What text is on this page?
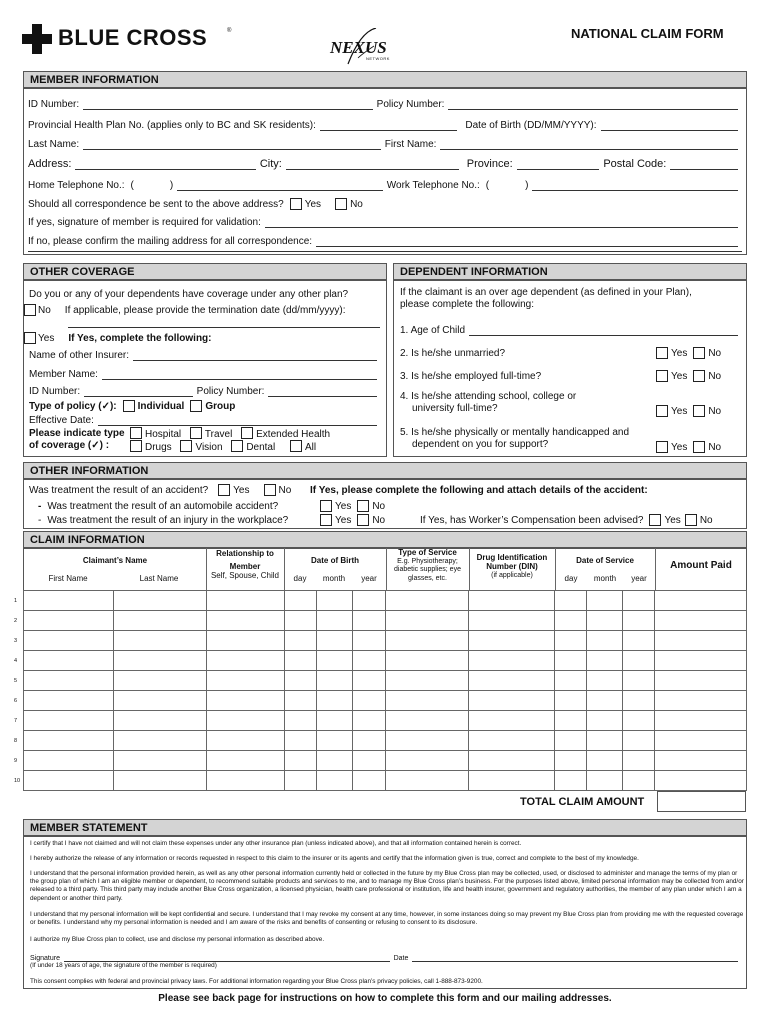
BLUE CROSS	®
NEXUS
NETWORK
NATIONAL CLAIM FORM
MEMBER INFORMATION
ID Number:	Policy Number:
Provincial Health Plan No. (applies only to BC and SK residents):	Date of Birth (DD/MM/YYYY):
Last Name:	First Name:
Address:	City:	Province:	Postal Code:
Home Telephone No.: (	)	Work Telephone No.: (	)
Should all correspondence be sent to the above address? Yes	No
If yes, signature of member is required for validation:
If no, please confirm the mailing address for all correspondence:
OTHER COVERAGE
Do you or any of your dependents have coverage under any other plan?
No If applicable, please provide the termination date (dd/mm/yyyy):
Yes If Yes, complete the following:
Name of other Insurer:
Member Name:
ID Number:	Policy Number:
Type of policy (✓): Individual Group
Effective Date:
Please indicate type
of coverage (✓) :
Hospital Travel Extended Health
Drugs Vision Dental	All
DEPENDENT INFORMATION
If the claimant is an over age dependent (as defined in your Plan),
please complete the following:
1. Age of Child
2. Is he/she unmarried?	Yes No
3. Is he/she employed full-time?	Yes No
4. Is he/she attending school, college or
university full-time?	Yes No
5. Is he/she physically or mentally handicapped and
dependent on you for support?	Yes No
OTHER INFORMATION
Was treatment the result of an accident?	Yes	No If Yes, please complete the following and attach details of the accident:
- Was treatment the result of an automobile accident?	Yes No
- Was treatment the result of an injury in the workplace?	Yes No	If Yes, has Worker’s Compensation been advised? Yes No
CLAIM INFORMATION
Claimant’s Name
First Name	Last Name
Relationship to
Member
Self, Spouse, Child
Date of Birth
day	month	year
Type of Service
E.g. Physiotherapy;
diabetic supplies; eye
glasses, etc.
Drug Identification
Number (DIN)
(if applicable)
Date of Service
day	month	year
Amount Paid

1
2
3
4
5
6
7
8
9
10
TOTAL CLAIM AMOUNT
MEMBER STATEMENT
I certify that I have not claimed and will not claim these expenses under any other insurance plan (unless indicated above), and that all information contained herein is correct.
I hereby authorize the release of any information or records requested in respect to this claim to the insurer or its agents and certify that the information given is true, correct and complete to the best of my knowledge.
I understand that the personal information provided herein, as well as any other personal information currently held or collected in the future by my Blue Cross plan may be collected, used, or disclosed to administer and manage the terms of my plan or the group plan of which I am an eligible member or dependent, to recommend suitable products and services to me, and to manage my Blue Cross plan’s business. For the purposes listed above, limited personal information may be collected from and/or released to a third party. This third party may include another Blue Cross organization, a licensed physician, health care professional or institution, life and health insurer, government and regulatory authorities, the member of any plan under which I am a dependent or another third party.
I understand that my personal information will be kept confidential and secure. I understand that I may revoke my consent at any time, however, in some instances doing so may prevent my Blue Cross plan from providing me with the requested coverage or benefits. I understand why my personal information is needed and I am aware of the risks and benefits of consenting or refusing to consent to its disclosure.
I authorize my Blue Cross plan to collect, use and disclose my personal information as described above.
Signature	Date
(If under 18 years of age, the signature of the member is required)
This consent complies with federal and provincial privacy laws. For additional information regarding your Blue Cross plan’s privacy policies, call 1-888-873-9200.
Please see back page for instructions on how to complete this form and our mailing addresses.
